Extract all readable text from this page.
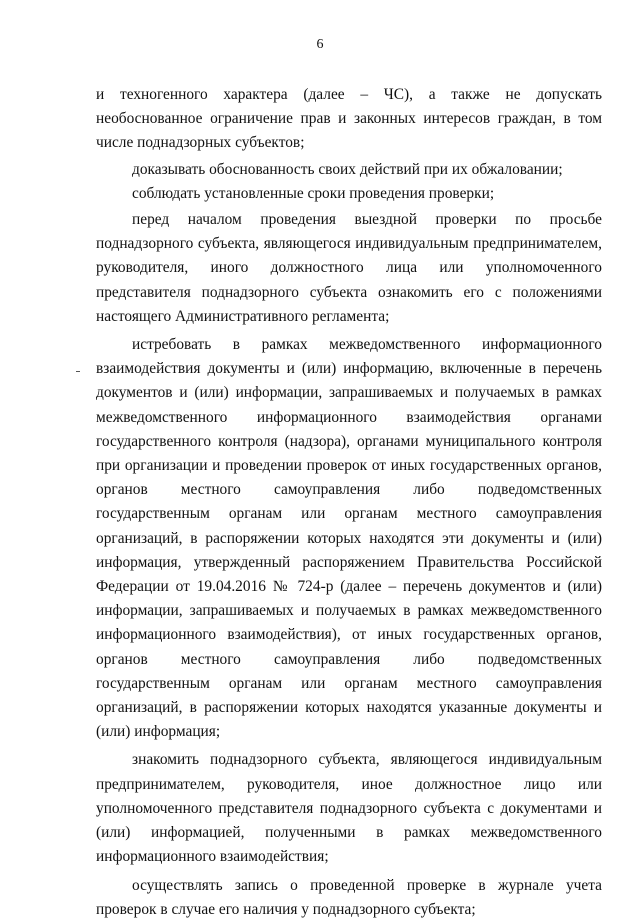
6

и техногенного характера (далее – ЧС), а также не допускать необоснованное ограничение прав и законных интересов граждан, в том числе поднадзорных субъектов;

доказывать обоснованность своих действий при их обжаловании;

соблюдать установленные сроки проведения проверки;

перед началом проведения выездной проверки по просьбе поднадзорного субъекта, являющегося индивидуальным предпринимателем, руководителя, иного должностного лица или уполномоченного представителя поднадзорного субъекта ознакомить его с положениями настоящего Административного регламента;

истребовать в рамках межведомственного информационного взаимодействия документы и (или) информацию, включенные в перечень документов и (или) информации, запрашиваемых и получаемых в рамках межведомственного информационного взаимодействия органами государственного контроля (надзора), органами муниципального контроля при организации и проведении проверок от иных государственных органов, органов местного самоуправления либо подведомственных государственным органам или органам местного самоуправления организаций, в распоряжении которых находятся эти документы и (или) информация, утвержденный распоряжением Правительства Российской Федерации от 19.04.2016 № 724-р (далее – перечень документов и (или) информации, запрашиваемых и получаемых в рамках межведомственного информационного взаимодействия), от иных государственных органов, органов местного самоуправления либо подведомственных государственным органам или органам местного самоуправления организаций, в распоряжении которых находятся указанные документы и (или) информация;

знакомить поднадзорного субъекта, являющегося индивидуальным предпринимателем, руководителя, иное должностное лицо или уполномоченного представителя поднадзорного субъекта с документами и (или) информацией, полученными в рамках межведомственного информационного взаимодействия;

осуществлять запись о проведенной проверке в журнале учета проверок в случае его наличия у поднадзорного субъекта;
